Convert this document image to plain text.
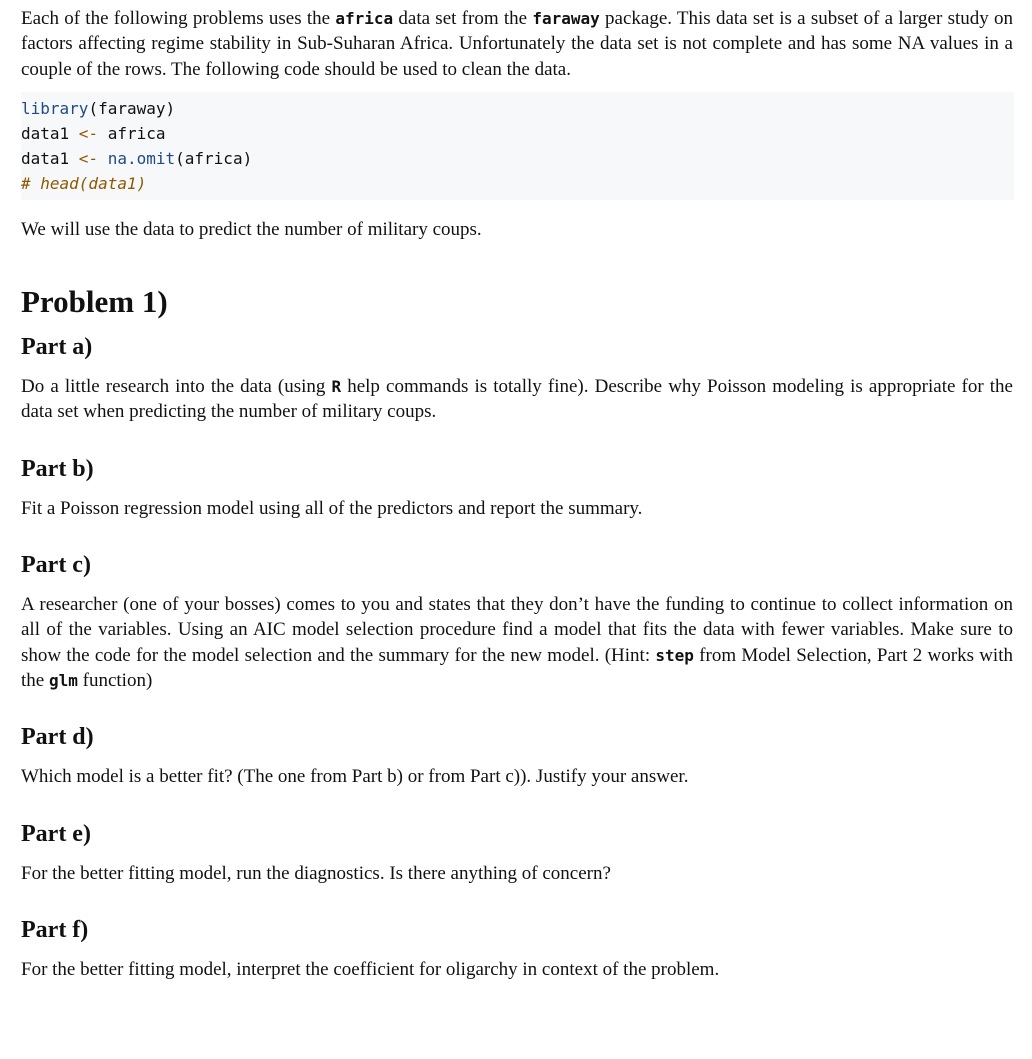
Each of the following problems uses the africa data set from the faraway package. This data set is a subset of a larger study on factors affecting regime stability in Sub-Suharan Africa. Unfortunately the data set is not complete and has some NA values in a couple of the rows. The following code should be used to clean the data.

library(faraway)
data1 <- africa
data1 <- na.omit(africa)
# head(data1)

We will use the data to predict the number of military coups.

Problem 1)
Part a)

Do a little research into the data (using R help commands is totally fine). Describe why Poisson modeling is appropriate for the data set when predicting the number of military coups.

Part b)

Fit a Poisson regression model using all of the predictors and report the summary.

Part c)

A researcher (one of your bosses) comes to you and states that they don’t have the funding to continue to collect information on all of the variables. Using an AIC model selection procedure find a model that fits the data with fewer variables. Make sure to show the code for the model selection and the summary for the new model. (Hint: step from Model Selection, Part 2 works with the glm function)

Part d)

Which model is a better fit? (The one from Part b) or from Part c)). Justify your answer.

Part e)

For the better fitting model, run the diagnostics. Is there anything of concern?

Part f)

For the better fitting model, interpret the coefficient for oligarchy in context of the problem.
